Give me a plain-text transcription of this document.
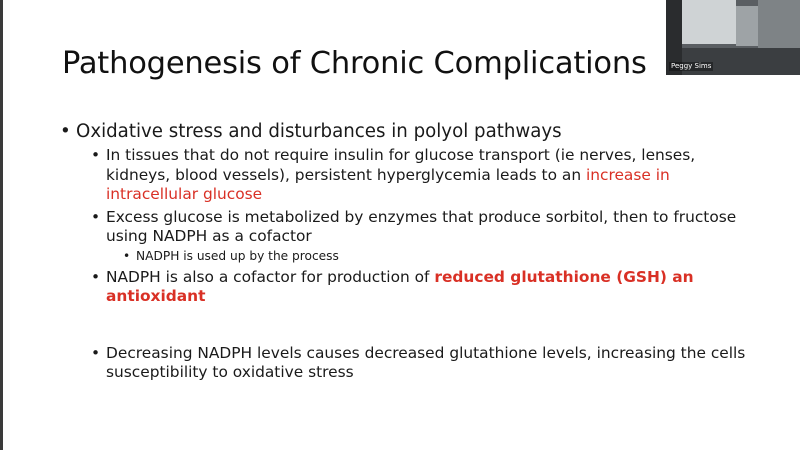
Pathogenesis of Chronic Complications
• Oxidative stress and disturbances in polyol pathways
• In tissues that do not require insulin for glucose transport (ie nerves, lenses, kidneys, blood vessels), persistent hyperglycemia leads to an increase in intracellular glucose
• Excess glucose is metabolized by enzymes that produce sorbitol, then to fructose using NADPH as a cofactor
• NADPH is used up by the process
• NADPH is also a cofactor for production of reduced glutathione (GSH) an antioxidant
• Decreasing NADPH levels causes decreased glutathione levels, increasing the cells susceptibility to oxidative stress
Peggy Sims
